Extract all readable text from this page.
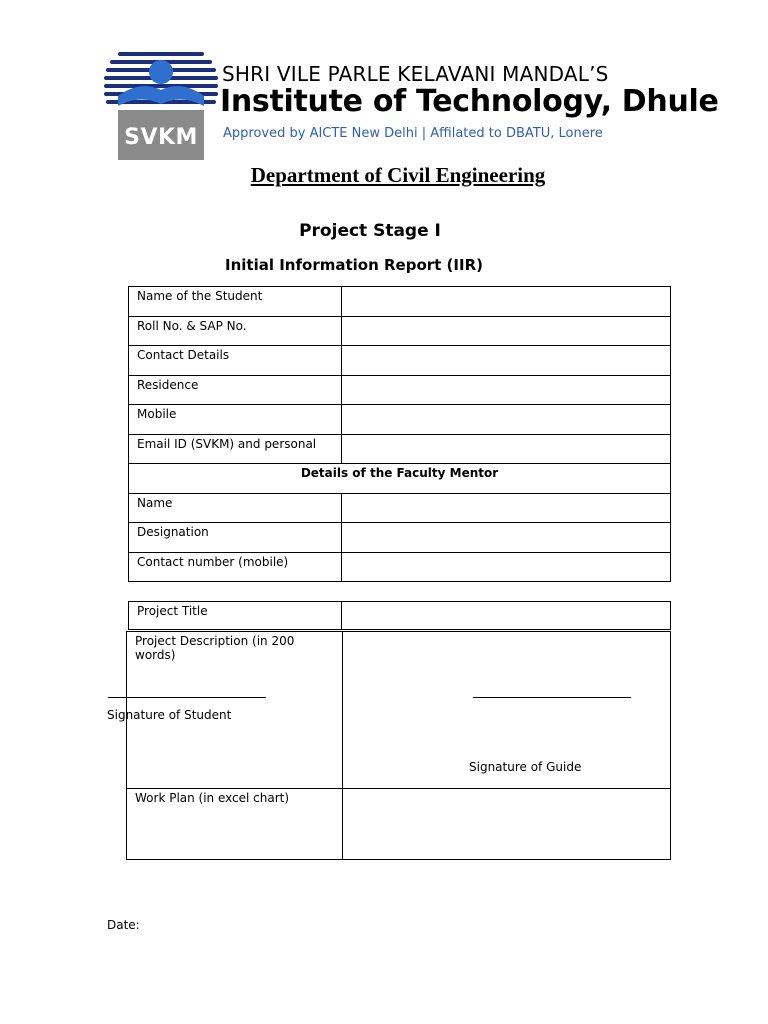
SVKM
SHRI VILE PARLE KELAVANI MANDAL’S
Institute of Technology, Dhule
Approved by AICTE New Delhi | Affilated to DBATU, Lonere
Department of Civil Engineering
Project Stage I
Initial Information Report (IIR)
Name of the Student	
Roll No. & SAP No.	
Contact Details	
Residence	
Mobile	
Email ID (SVKM) and personal	
Details of the Faculty Mentor	
Name	
Designation	
Contact number (mobile)	
Project Title	
Project Description (in 200 words)	
Work Plan (in excel chart)	
Signature of Student
Signature of Guide
Date:
